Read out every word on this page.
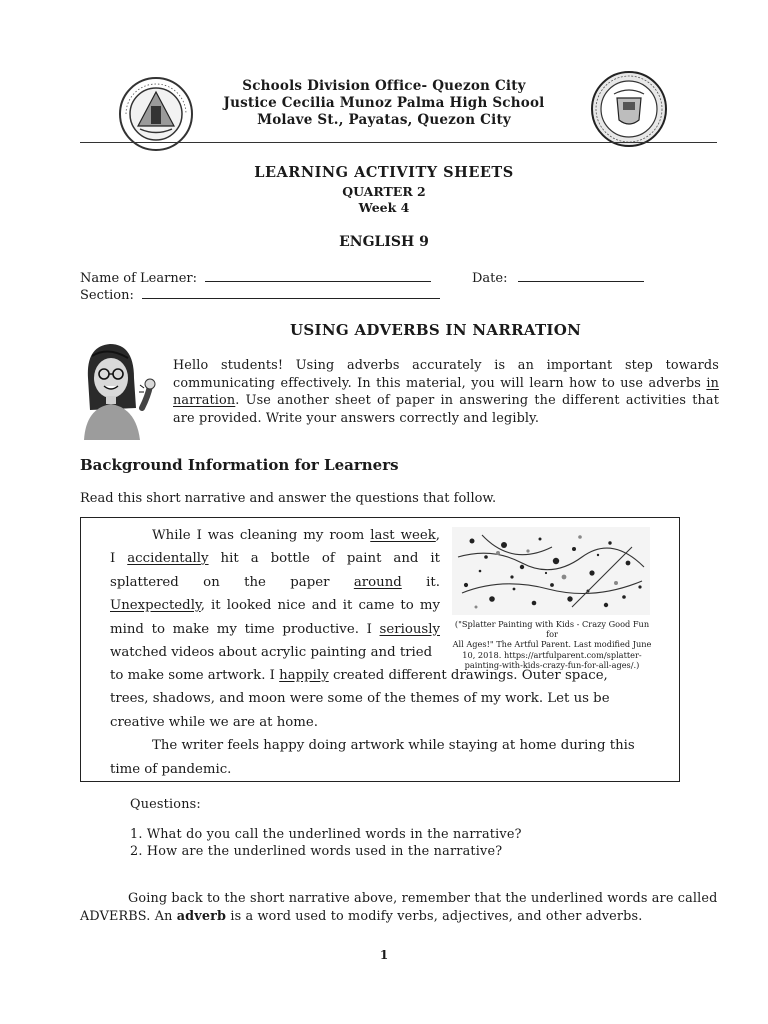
Schools Division Office- Quezon City
Justice Cecilia Munoz Palma High School
Molave St., Payatas, Quezon City
LEARNING ACTIVITY SHEETS
QUARTER 2
Week 4
ENGLISH 9
Name of Learner:	Date:
Section:
USING ADVERBS IN NARRATION
Hello students! Using adverbs accurately is an important step towards communicating effectively. In this material, you will learn how to use adverbs in narration. Use another sheet of paper in answering the different activities that are provided. Write your answers correctly and legibly.
Background Information for Learners
Read this short narrative and answer the questions that follow.

While I was cleaning my room last week,

I accidentally hit a bottle of paint and it

splattered on the paper around it.

Unexpectedly, it looked nice and it came to my

mind to make my time productive. I seriously

watched videos about acrylic painting and tried

to make some artwork. I happily created different drawings. Outer space,

trees, shadows, and moon were some of the themes of my work. Let us be

creative while we are at home.

The writer feels happy doing artwork while staying at home during this

time of pandemic.

("Splatter Painting with Kids - Crazy Good Fun for
All Ages!" The Artful Parent. Last modified June
10, 2018. https://artfulparent.com/splatter-
painting-with-kids-crazy-fun-for-all-ages/.)
Questions:
1. What do you call the underlined words in the narrative?
2. How are the underlined words used in the narrative?
Going back to the short narrative above, remember that the underlined words are called ADVERBS. An adverb is a word used to modify verbs, adjectives, and other adverbs.
1
